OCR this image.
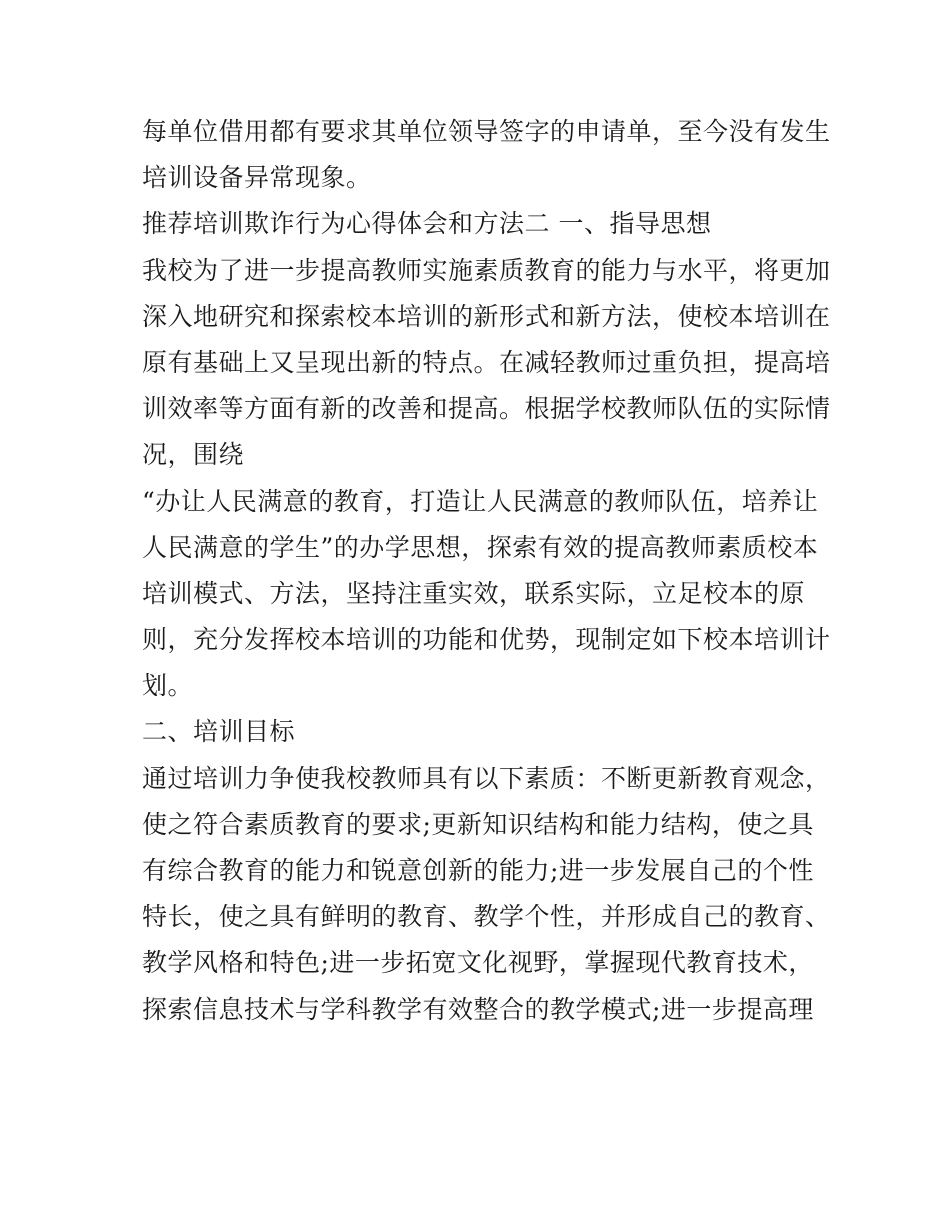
每单位借用都有要求其单位领导签字的申请单，至今没有发生
培训设备异常现象。
推荐培训欺诈行为心得体会和方法二 一、指导思想
我校为了进一步提高教师实施素质教育的能力与水平，将更加
深入地研究和探索校本培训的新形式和新方法，使校本培训在
原有基础上又呈现出新的特点。在减轻教师过重负担，提高培
训效率等方面有新的改善和提高。根据学校教师队伍的实际情
况，围绕
“办让人民满意的教育，打造让人民满意的教师队伍，培养让
人民满意的学生”的办学思想，探索有效的提高教师素质校本
培训模式、方法，坚持注重实效，联系实际，立足校本的原
则，充分发挥校本培训的功能和优势，现制定如下校本培训计
划。
二、培训目标
通过培训力争使我校教师具有以下素质：不断更新教育观念，
使之符合素质教育的要求;更新知识结构和能力结构，使之具
有综合教育的能力和锐意创新的能力;进一步发展自己的个性
特长，使之具有鲜明的教育、教学个性，并形成自己的教育、
教学风格和特色;进一步拓宽文化视野，掌握现代教育技术，
探索信息技术与学科教学有效整合的教学模式;进一步提高理
